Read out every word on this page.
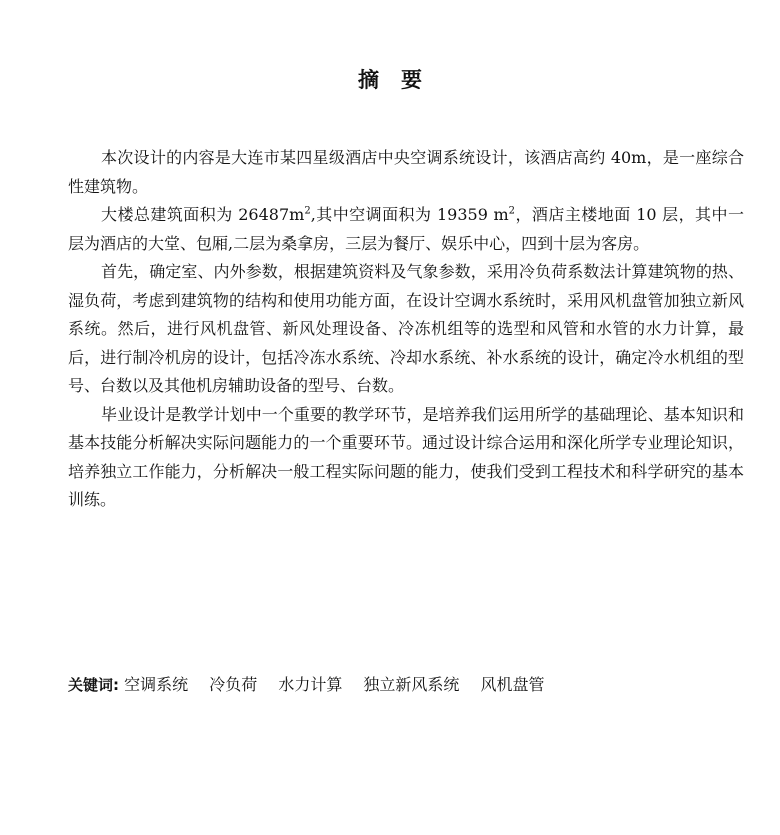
摘 要

本次设计的内容是大连市某四星级酒店中央空调系统设计，该酒店高约 40m，是一座综合性建筑物。

大楼总建筑面积为 $26487m^2$,其中空调面积为 19359 $m^2$，酒店主楼地面 10 层，其中一层为酒店的大堂、包厢,二层为桑拿房，三层为餐厅、娱乐中心，四到十层为客房。

首先，确定室、内外参数，根据建筑资料及气象参数，采用冷负荷系数法计算建筑物的热、湿负荷，考虑到建筑物的结构和使用功能方面，在设计空调水系统时，采用风机盘管加独立新风系统。然后，进行风机盘管、新风处理设备、冷冻机组等的选型和风管和水管的水力计算，最后，进行制冷机房的设计，包括冷冻水系统、冷却水系统、补水系统的设计，确定冷水机组的型号、台数以及其他机房辅助设备的型号、台数。

毕业设计是教学计划中一个重要的教学环节，是培养我们运用所学的基础理论、基本知识和基本技能分析解决实际问题能力的一个重要环节。通过设计综合运用和深化所学专业理论知识，培养独立工作能力，分析解决一般工程实际问题的能力，使我们受到工程技术和科学研究的基本训练。

关键词: 空调系统 冷负荷 水力计算 独立新风系统 风机盘管
